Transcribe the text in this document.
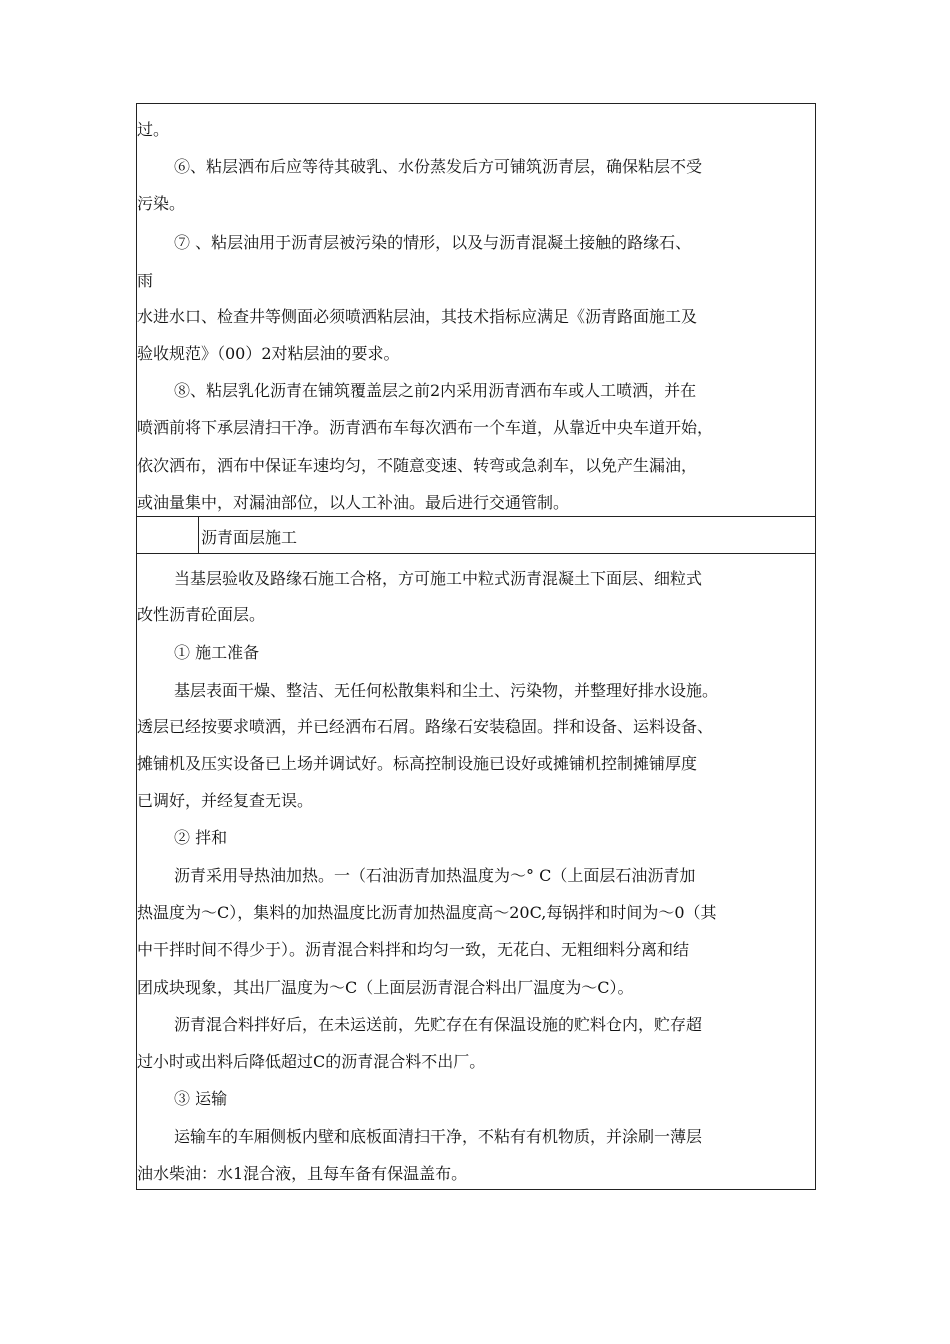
过。
⑥、粘层洒布后应等待其破乳、水份蒸发后方可铺筑沥青层，确保粘层不受
污染。
⑦ 、粘层油用于沥青层被污染的情形，以及与沥青混凝土接触的路缘石、
雨
水进水口、检查井等侧面必须喷洒粘层油，其技术指标应满足《沥青路面施工及
验收规范》（00）2对粘层油的要求。
⑧、粘层乳化沥青在铺筑覆盖层之前2内采用沥青洒布车或人工喷洒，并在
喷洒前将下承层清扫干净。沥青洒布车每次洒布一个车道，从靠近中央车道开始，
依次洒布，洒布中保证车速均匀，不随意变速、转弯或急刹车，以免产生漏油，
或油量集中，对漏油部位，以人工补油。最后进行交通管制。
沥青面层施工
当基层验收及路缘石施工合格，方可施工中粒式沥青混凝土下面层、细粒式
改性沥青砼面层。
① 施工准备
基层表面干燥、整洁、无任何松散集料和尘土、污染物，并整理好排水设施。
透层已经按要求喷洒，并已经洒布石屑。路缘石安装稳固。拌和设备、运料设备、
摊铺机及压实设备已上场并调试好。标高控制设施已设好或摊铺机控制摊铺厚度
已调好，并经复查无误。
② 拌和
沥青采用导热油加热。一（石油沥青加热温度为〜° C（上面层石油沥青加
热温度为〜C），集料的加热温度比沥青加热温度高〜20C,每锅拌和时间为〜0（其
中干拌时间不得少于）。沥青混合料拌和均匀一致，无花白、无粗细料分离和结
团成块现象，其出厂温度为〜C（上面层沥青混合料出厂温度为〜C）。
沥青混合料拌好后，在未运送前，先贮存在有保温设施的贮料仓内，贮存超
过小时或出料后降低超过C的沥青混合料不出厂。
③ 运输
运输车的车厢侧板内壁和底板面清扫干净，不粘有有机物质，并涂刷一薄层
油水柴油：水1混合液，且每车备有保温盖布。
